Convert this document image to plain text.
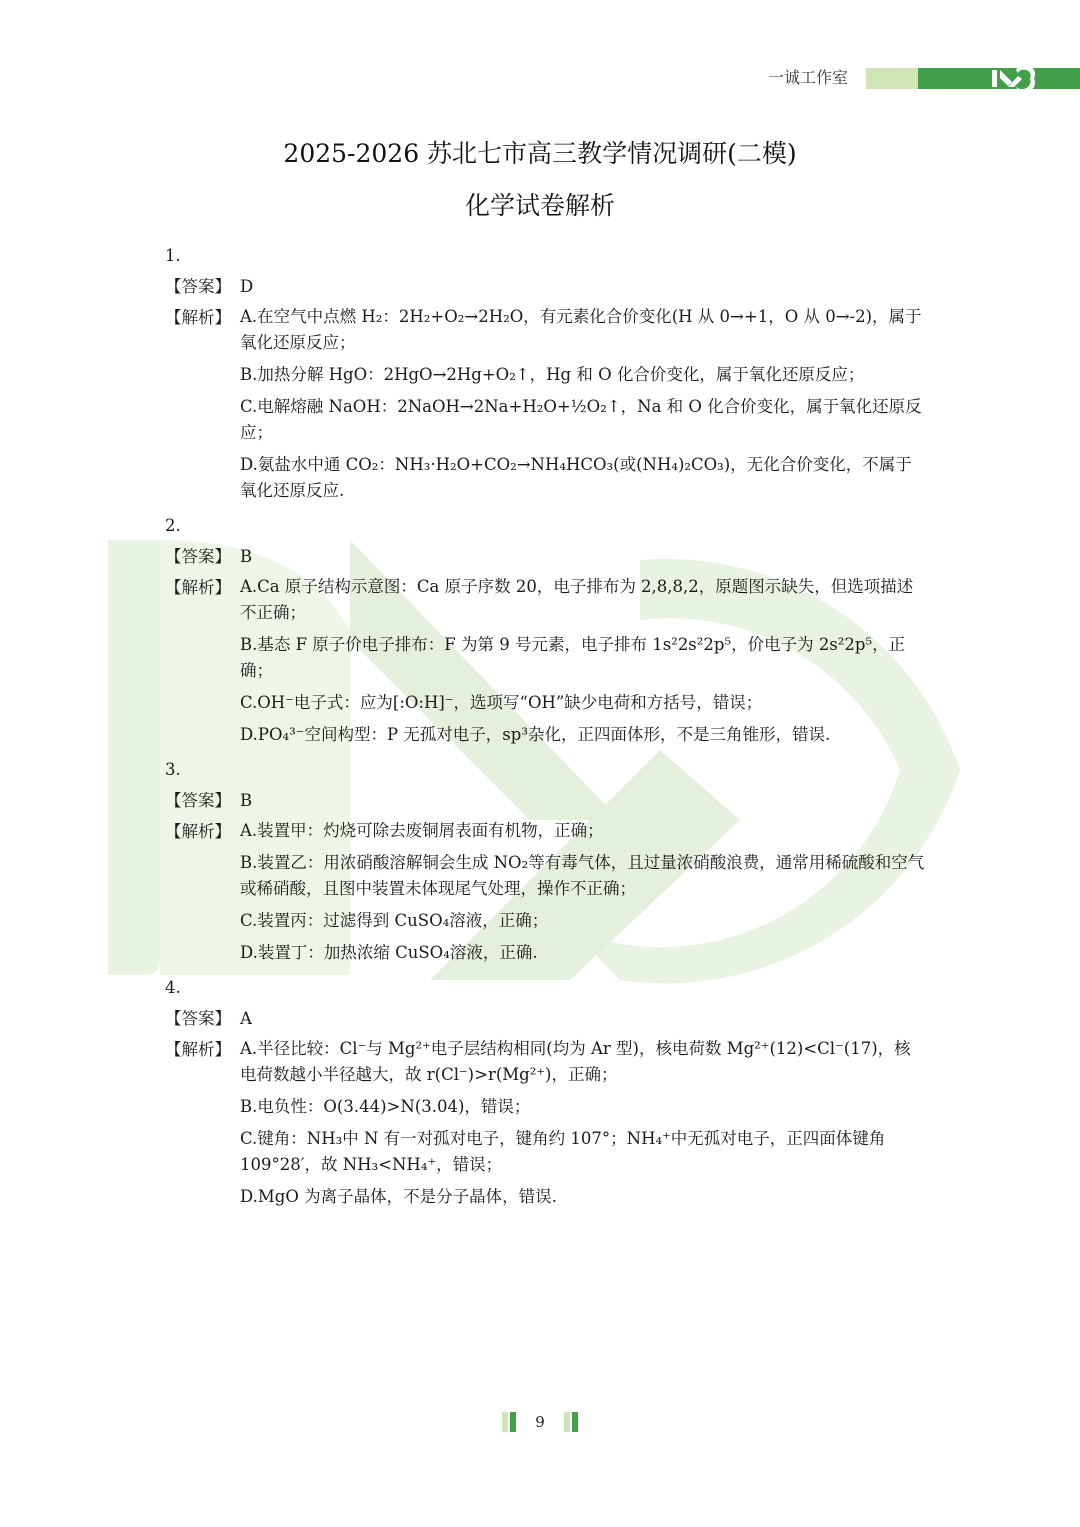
一诚工作室
2025-2026 苏北七市高三教学情况调研(二模)
化学试卷解析
1.
【答案】 D
【解析】 A.在空气中点燃 H₂：2H₂+O₂→2H₂O，有元素化合价变化(H 从 0→+1，O 从 0→-2)，属于氧化还原反应；
B.加热分解 HgO：2HgO→2Hg+O₂↑，Hg 和 O 化合价变化，属于氧化还原反应；
C.电解熔融 NaOH：2NaOH→2Na+H₂O+½O₂↑，Na 和 O 化合价变化，属于氧化还原反应；
D.氨盐水中通 CO₂：NH₃·H₂O+CO₂→NH₄HCO₃(或(NH₄)₂CO₃)，无化合价变化，不属于氧化还原反应.
2.
【答案】 B
【解析】 A.Ca 原子结构示意图：Ca 原子序数 20，电子排布为 2,8,8,2，原题图示缺失，但选项描述不正确；
B.基态 F 原子价电子排布：F 为第 9 号元素，电子排布 1s²2s²2p⁵，价电子为 2s²2p⁵，正确；
C.OH⁻电子式：应为[:O:H]⁻，选项写“OH”缺少电荷和方括号，错误；
D.PO₄³⁻空间构型：P 无孤对电子，sp³杂化，正四面体形，不是三角锥形，错误.
3.
【答案】 B
【解析】 A.装置甲：灼烧可除去废铜屑表面有机物，正确；
B.装置乙：用浓硝酸溶解铜会生成 NO₂等有毒气体，且过量浓硝酸浪费，通常用稀硫酸和空气或稀硝酸，且图中装置未体现尾气处理，操作不正确；
C.装置丙：过滤得到 CuSO₄溶液，正确；
D.装置丁：加热浓缩 CuSO₄溶液，正确.
4.
【答案】 A
【解析】 A.半径比较：Cl⁻与 Mg²⁺电子层结构相同(均为 Ar 型)，核电荷数 Mg²⁺(12)<Cl⁻(17)，核电荷数越小半径越大，故 r(Cl⁻)>r(Mg²⁺)，正确；
B.电负性：O(3.44)>N(3.04)，错误；
C.键角：NH₃中 N 有一对孤对电子，键角约 107°；NH₄⁺中无孤对电子，正四面体键角 109°28′，故 NH₃<NH₄⁺，错误；
D.MgO 为离子晶体，不是分子晶体，错误.
9
